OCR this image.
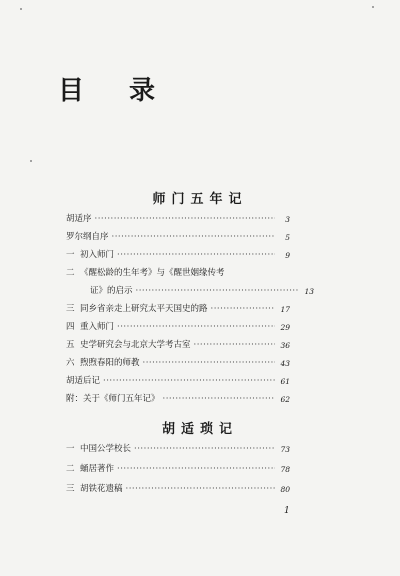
目 录
师门五年记
胡适序 ·····	3
罗尔纲自序 ·····	5
一 初入师门 ·····	9
二 《醒松龄的生年考》与《醒世姻缘传考
证》的启示 ·····	13
三 同乡省亲走上研究太平天国史的路 ·····	17
四 重入师门 ·····	29
五 史学研究会与北京大学考古室 ·····	36
六 煦煦春阳的师教 ·····	43
胡适后记 ·····	61
附：关于《师门五年记》 ·····	62
胡适琐记
一 中国公学校长 ·····	73
二 蛹居著作 ·····	78
三 胡铁花遗稿 ·····	80
1
